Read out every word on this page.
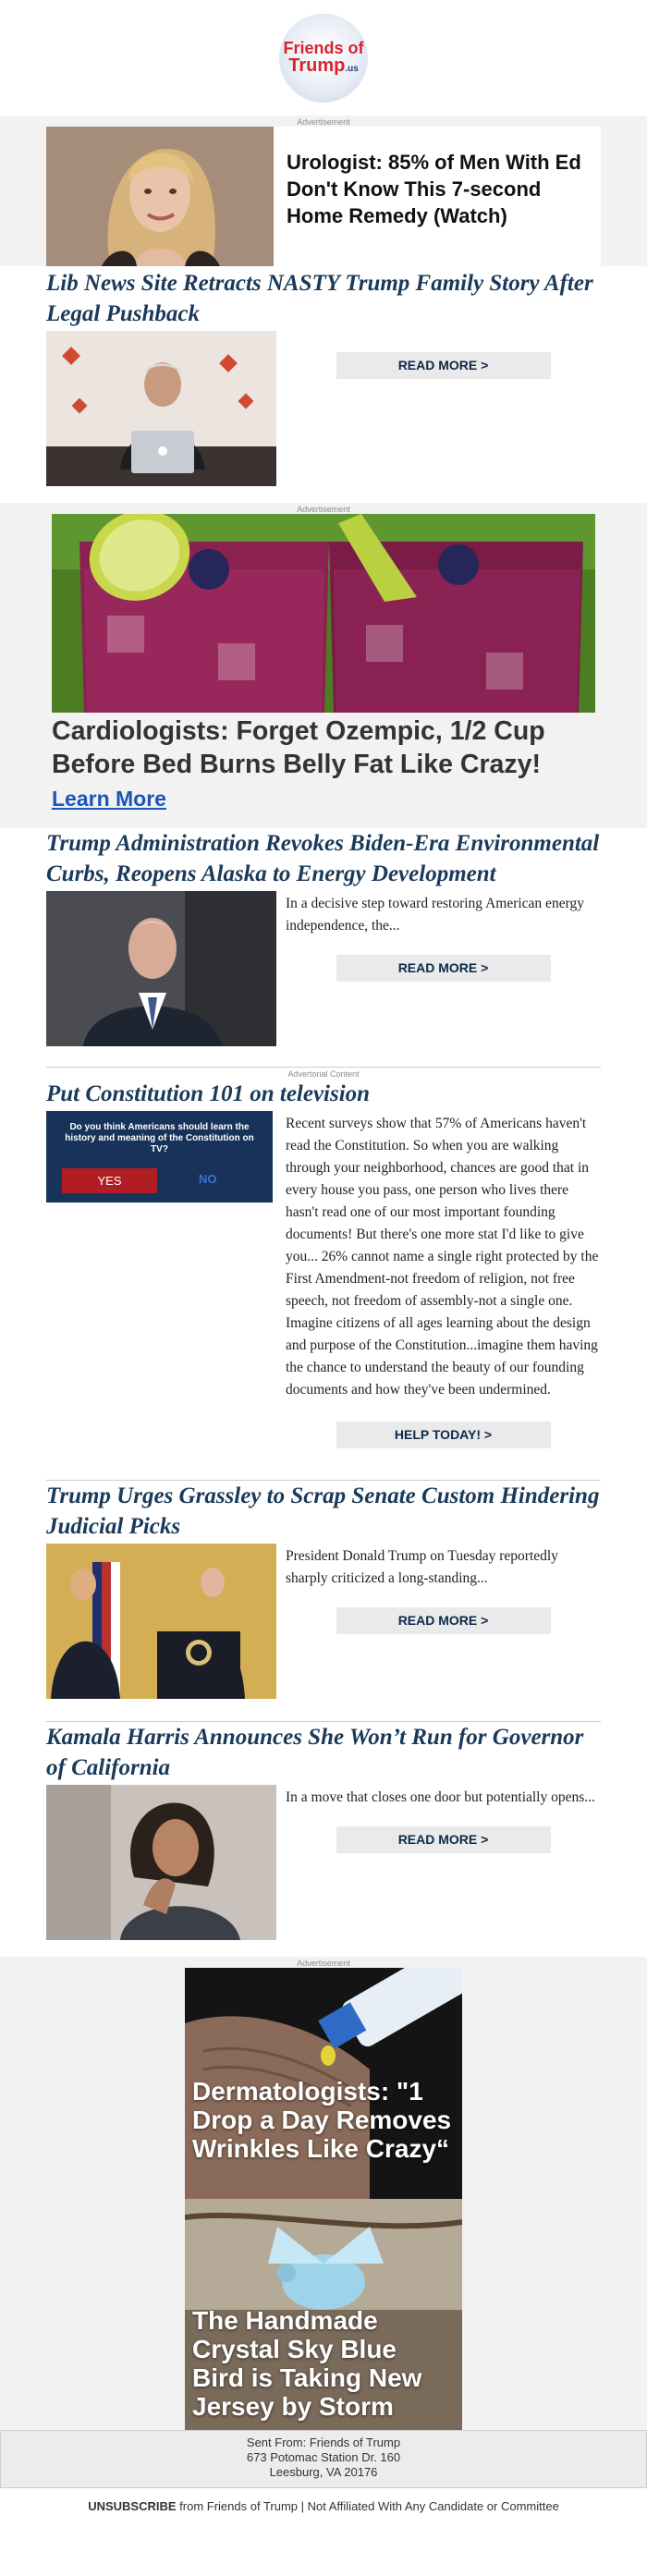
Friends of
Trump.us
Advertisement
Urologist: 85% of Men With Ed Don't Know This 7-second Home Remedy (Watch)
Lib News Site Retracts NASTY Trump Family Story After Legal Pushback
READ MORE >
Advertisement
Cardiologists: Forget Ozempic, 1/2 Cup Before Bed Burns Belly Fat Like Crazy!
Learn More
Trump Administration Revokes Biden-Era Environmental Curbs, Reopens Alaska to Energy Development
In a decisive step toward restoring American energy independence, the...
READ MORE >
Advertorial Content
Put Constitution 101 on television
Do you think Americans should learn the history and meaning of the Constitution on TV?
YES	NO
Recent surveys show that 57% of Americans haven't read the Constitution. So when you are walking through your neighborhood, chances are good that in every house you pass, one person who lives there hasn't read one of our most important founding documents! But there's one more stat I'd like to give you... 26% cannot name a single right protected by the First Amendment-not freedom of religion, not free speech, not freedom of assembly-not a single one. Imagine citizens of all ages learning about the design and purpose of the Constitution...imagine them having the chance to understand the beauty of our founding documents and how they've been undermined.
HELP TODAY! >
Trump Urges Grassley to Scrap Senate Custom Hindering Judicial Picks
President Donald Trump on Tuesday reportedly sharply criticized a long-standing...
READ MORE >
Kamala Harris Announces She Won’t Run for Governor of California
In a move that closes one door but potentially opens...
READ MORE >
Advertisement
Dermatologists: "1 Drop a Day Removes Wrinkles Like Crazy“
The Handmade Crystal Sky Blue Bird is Taking New Jersey by Storm
Sent From: Friends of Trump
673 Potomac Station Dr. 160
Leesburg, VA 20176
UNSUBSCRIBE from Friends of Trump | Not Affiliated With Any Candidate or Committee
